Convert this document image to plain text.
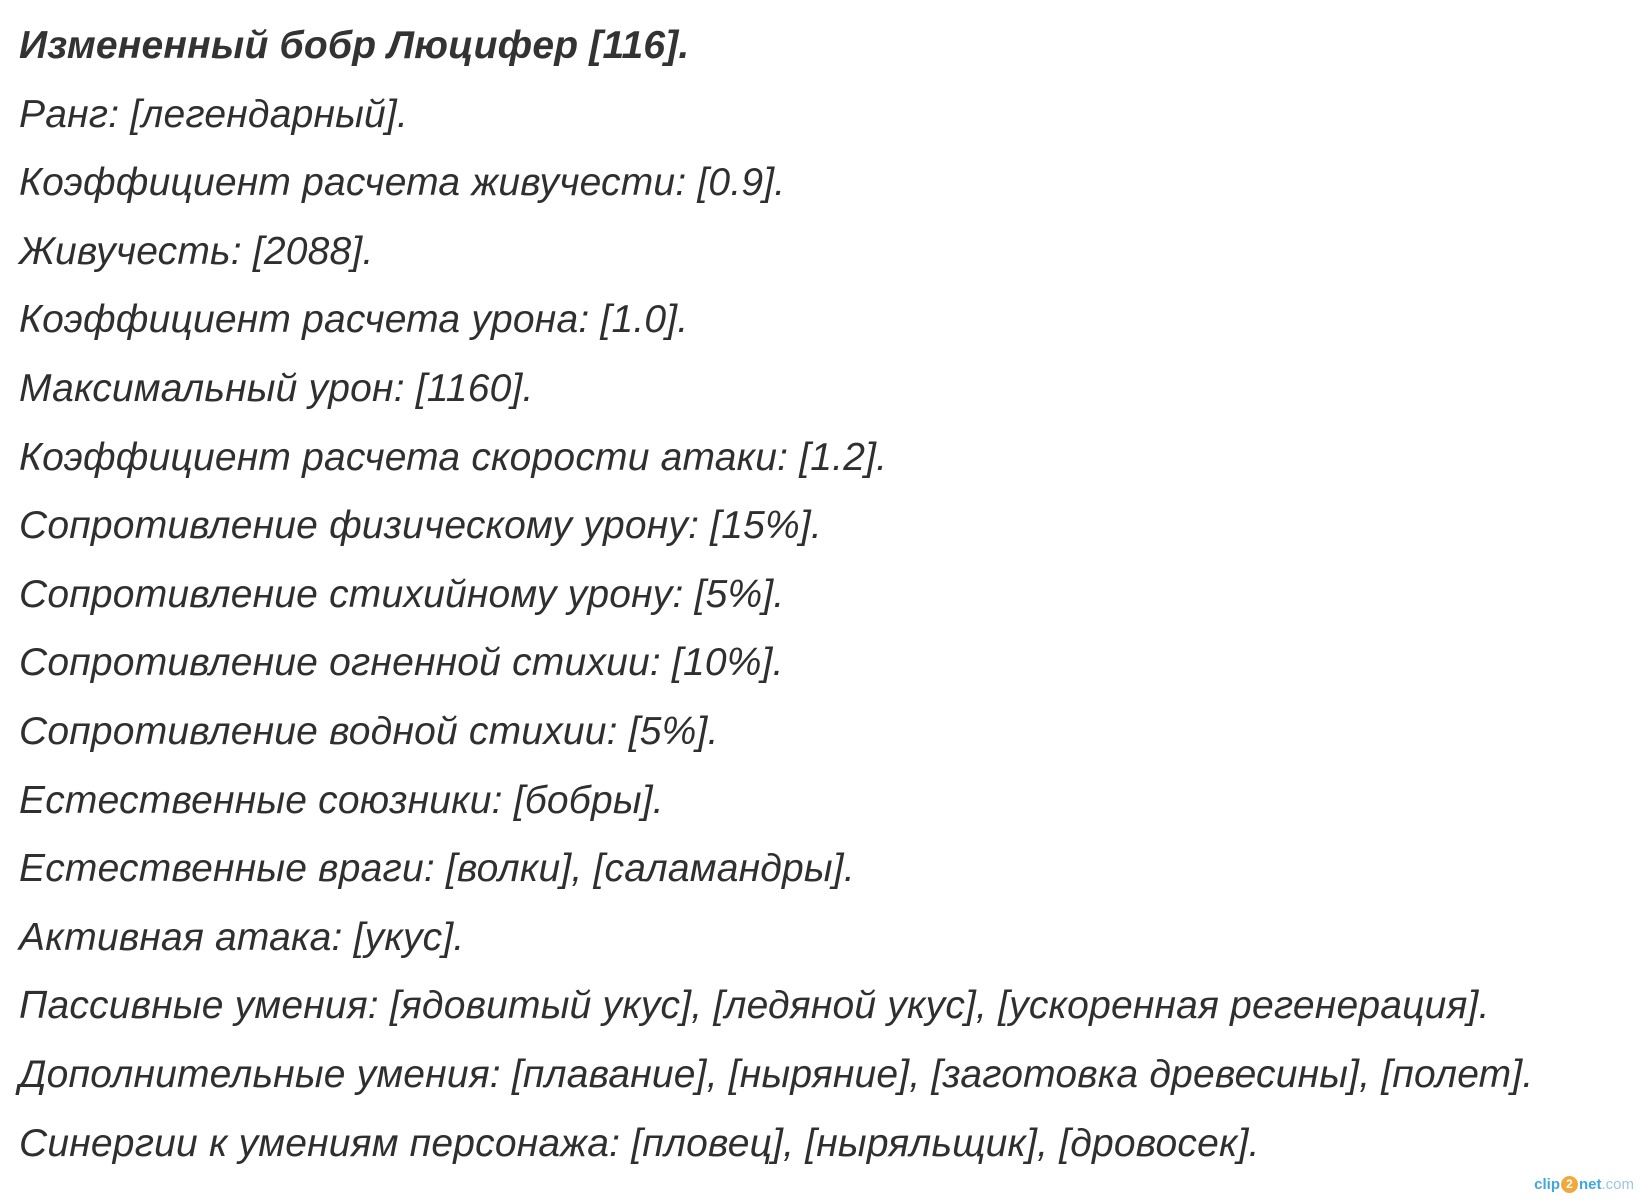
Измененный бобр Люцифер [116].
Ранг: [легендарный].
Коэффициент расчета живучести: [0.9].
Живучесть: [2088].
Коэффициент расчета урона: [1.0].
Максимальный урон: [1160].
Коэффициент расчета скорости атаки: [1.2].
Сопротивление физическому урону: [15%].
Сопротивление стихийному урону: [5%].
Сопротивление огненной стихии: [10%].
Сопротивление водной стихии: [5%].
Естественные союзники: [бобры].
Естественные враги: [волки], [саламандры].
Активная атака: [укус].
Пассивные умения: [ядовитый укус], [ледяной укус], [ускоренная регенерация].
Дополнительные умения: [плавание], [ныряние], [заготовка древесины], [полет].
Синергии к умениям персонажа: [пловец], [ныряльщик], [дровосек].
clip 2 net .com
